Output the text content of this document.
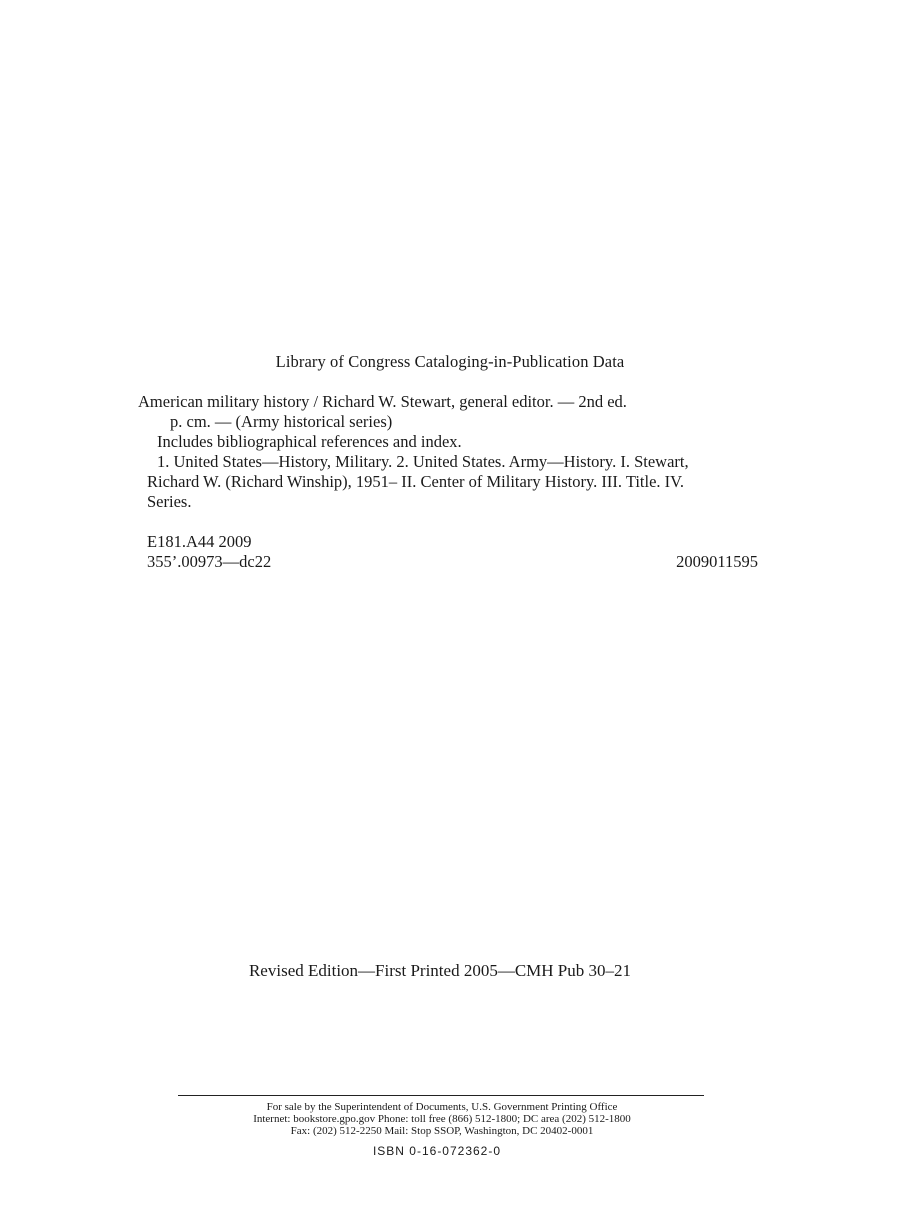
Library of Congress Cataloging-in-Publication Data
American military history / Richard W. Stewart, general editor. — 2nd ed.
p. cm. — (Army historical series)
Includes bibliographical references and index.
1. United States—History, Military. 2. United States. Army—History. I. Stewart,
Richard W. (Richard Winship), 1951– II. Center of Military History. III. Title. IV.
Series.
E181.A44 2009
355’.00973—dc22	2009011595
Revised Edition—First Printed 2005—CMH Pub 30–21
For sale by the Superintendent of Documents, U.S. Government Printing Office
Internet: bookstore.gpo.gov Phone: toll free (866) 512-1800; DC area (202) 512-1800
Fax: (202) 512-2250 Mail: Stop SSOP, Washington, DC 20402-0001
ISBN 0-16-072362-0
